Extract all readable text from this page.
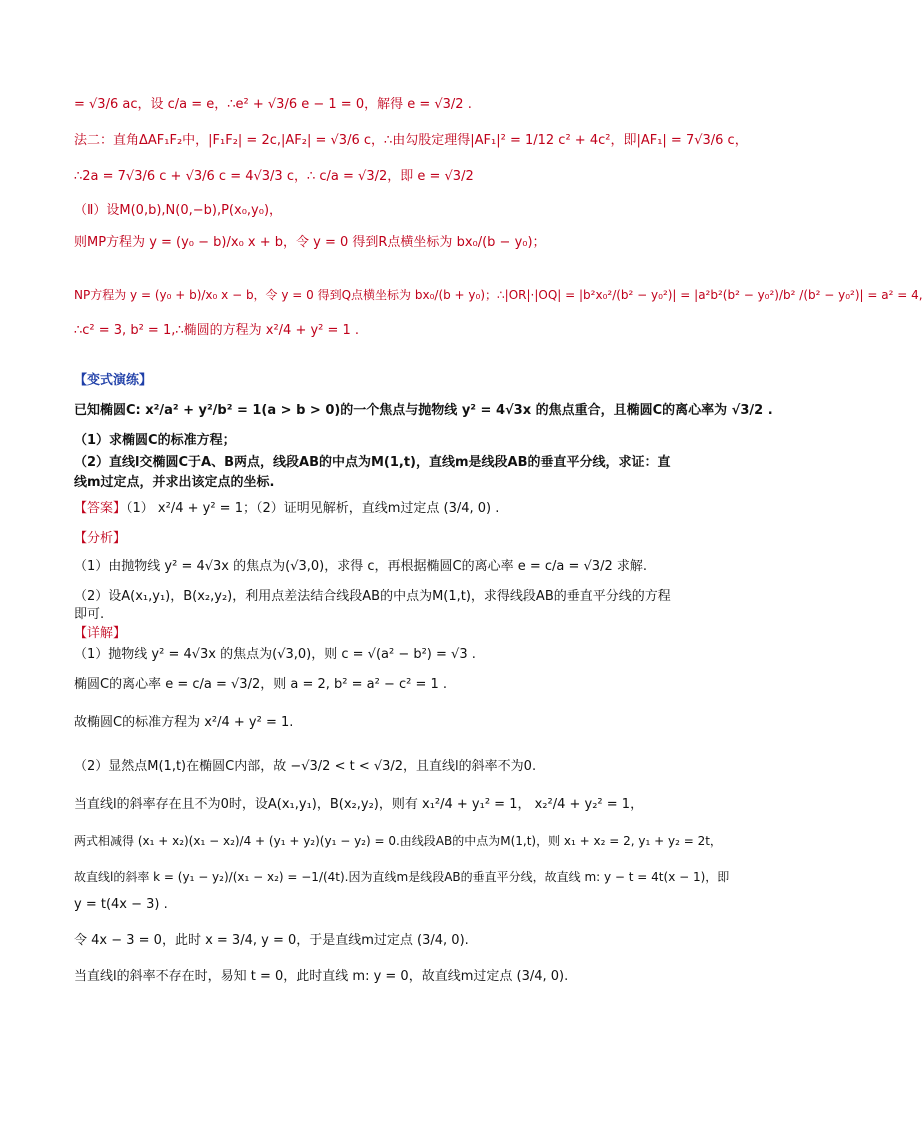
= √3/6 ac，设 c/a = e，∴e² + √3/6 e − 1 = 0，解得 e = √3/2 .
法二：直角ΔAF₁F₂中，|F₁F₂| = 2c,|AF₂| = √3/6 c，∴由勾股定理得|AF₁|² = 1/12 c² + 4c²，即|AF₁| = 7√3/6 c，
∴2a = 7√3/6 c + √3/6 c = 4√3/3 c，∴ c/a = √3/2，即 e = √3/2
（Ⅱ）设M(0,b),N(0,−b),P(x₀,y₀)，
则MP方程为 y = (y₀ − b)/x₀ x + b，令 y = 0 得到R点横坐标为 bx₀/(b − y₀)；
NP方程为 y = (y₀ + b)/x₀ x − b，令 y = 0 得到Q点横坐标为 bx₀/(b + y₀)；∴|OR|·|OQ| = |b²x₀²/(b² − y₀²)| = |a²b²(b² − y₀²)/b² /(b² − y₀²)| = a² = 4,
∴c² = 3, b² = 1,∴椭圆的方程为 x²/4 + y² = 1 .
【变式演练】
已知椭圆C: x²/a² + y²/b² = 1(a > b > 0)的一个焦点与抛物线 y² = 4√3x 的焦点重合，且椭圆C的离心率为 √3/2 .
（1）求椭圆C的标准方程；
（2）直线l交椭圆C于A、B两点，线段AB的中点为M(1,t)，直线m是线段AB的垂直平分线，求证：直
线m过定点，并求出该定点的坐标.
【答案】（1） x²/4 + y² = 1；（2）证明见解析，直线m过定点 (3/4, 0) .
【分析】
（1）由抛物线 y² = 4√3x 的焦点为(√3,0)，求得 c，再根据椭圆C的离心率 e = c/a = √3/2 求解.
（2）设A(x₁,y₁)，B(x₂,y₂)，利用点差法结合线段AB的中点为M(1,t)，求得线段AB的垂直平分线的方程
即可.
【详解】
（1）抛物线 y² = 4√3x 的焦点为(√3,0)，则 c = √(a² − b²) = √3 .
椭圆C的离心率 e = c/a = √3/2，则 a = 2, b² = a² − c² = 1 .
故椭圆C的标准方程为 x²/4 + y² = 1.
（2）显然点M(1,t)在椭圆C内部，故 −√3/2 < t < √3/2，且直线l的斜率不为0.
当直线l的斜率存在且不为0时，设A(x₁,y₁)，B(x₂,y₂)，则有 x₁²/4 + y₁² = 1， x₂²/4 + y₂² = 1，
两式相减得 (x₁ + x₂)(x₁ − x₂)/4 + (y₁ + y₂)(y₁ − y₂) = 0.由线段AB的中点为M(1,t)，则 x₁ + x₂ = 2, y₁ + y₂ = 2t，
故直线l的斜率 k = (y₁ − y₂)/(x₁ − x₂) = −1/(4t).因为直线m是线段AB的垂直平分线，故直线 m: y − t = 4t(x − 1)，即
y = t(4x − 3) .
令 4x − 3 = 0，此时 x = 3/4, y = 0，于是直线m过定点 (3/4, 0).
当直线l的斜率不存在时，易知 t = 0，此时直线 m: y = 0，故直线m过定点 (3/4, 0).
